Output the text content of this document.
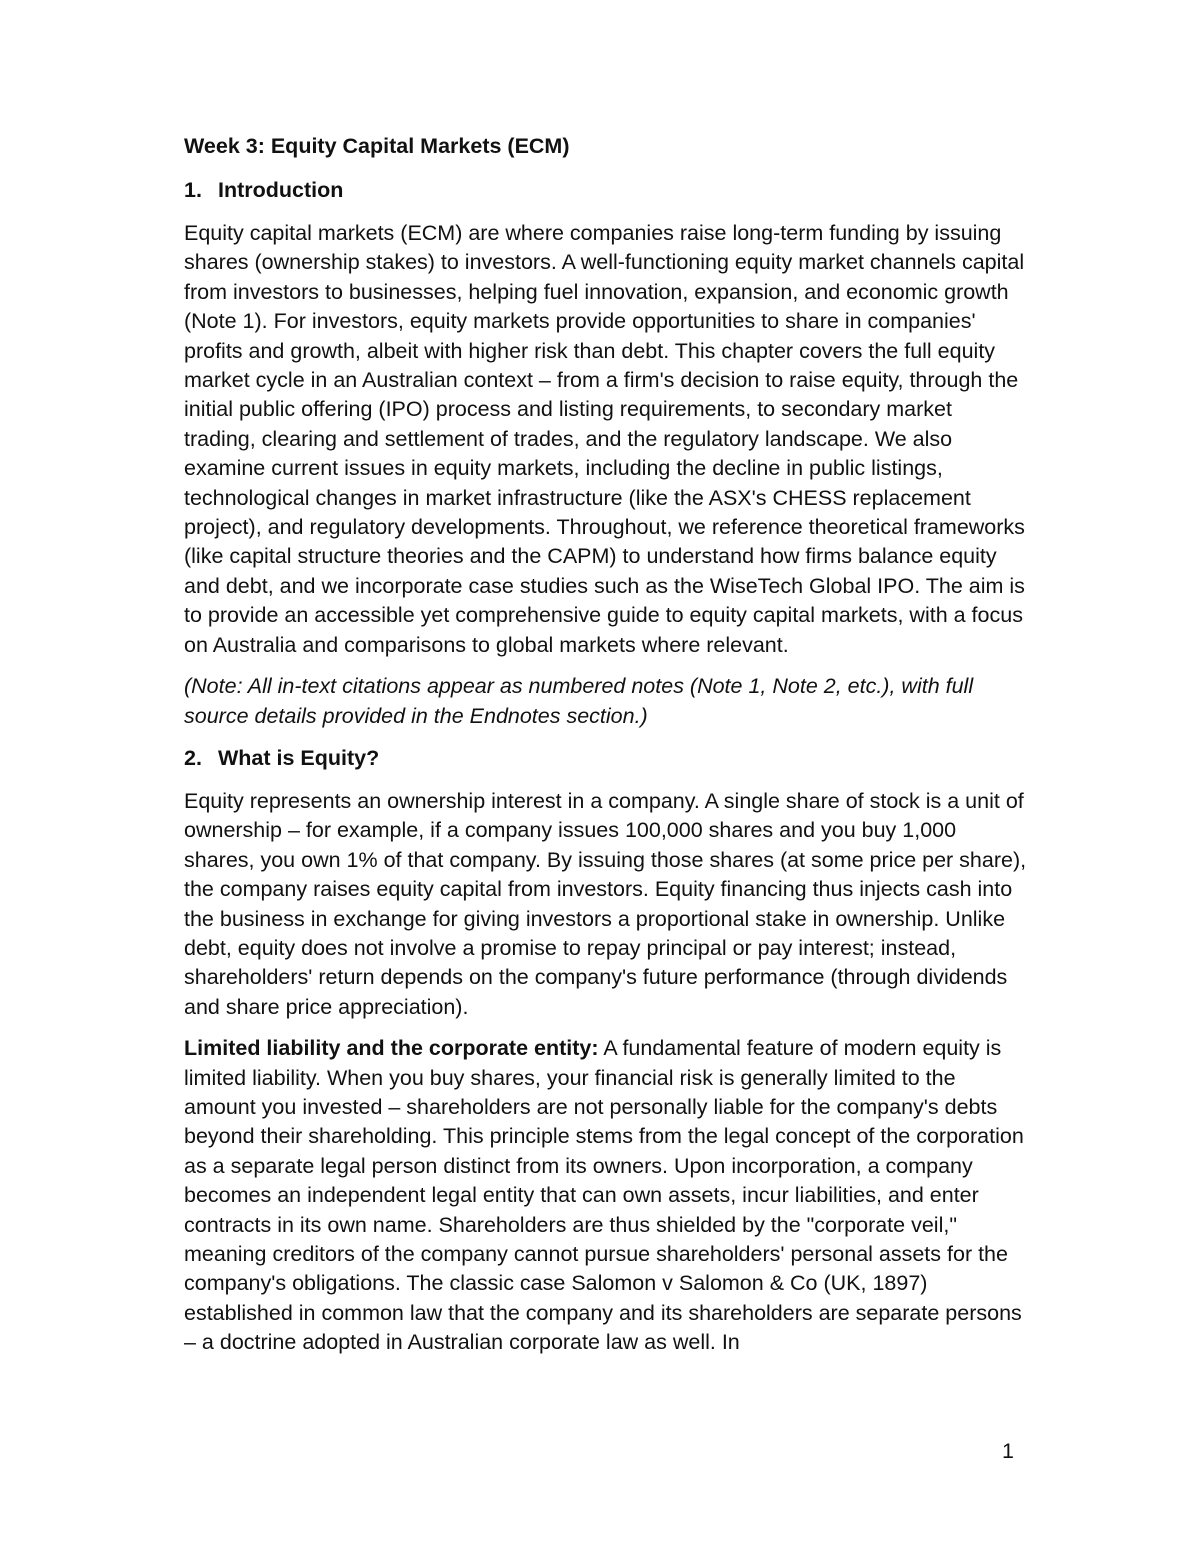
Week 3: Equity Capital Markets (ECM)
1. Introduction

Equity capital markets (ECM) are where companies raise long-term funding by issuing shares (ownership stakes) to investors. A well-functioning equity market channels capital from investors to businesses, helping fuel innovation, expansion, and economic growth (Note 1). For investors, equity markets provide opportunities to share in companies' profits and growth, albeit with higher risk than debt. This chapter covers the full equity market cycle in an Australian context – from a firm's decision to raise equity, through the initial public offering (IPO) process and listing requirements, to secondary market trading, clearing and settlement of trades, and the regulatory landscape. We also examine current issues in equity markets, including the decline in public listings, technological changes in market infrastructure (like the ASX's CHESS replacement project), and regulatory developments. Throughout, we reference theoretical frameworks (like capital structure theories and the CAPM) to understand how firms balance equity and debt, and we incorporate case studies such as the WiseTech Global IPO. The aim is to provide an accessible yet comprehensive guide to equity capital markets, with a focus on Australia and comparisons to global markets where relevant.

(Note: All in-text citations appear as numbered notes (Note 1, Note 2, etc.), with full source details provided in the Endnotes section.)

2. What is Equity?

Equity represents an ownership interest in a company. A single share of stock is a unit of ownership – for example, if a company issues 100,000 shares and you buy 1,000 shares, you own 1% of that company. By issuing those shares (at some price per share), the company raises equity capital from investors. Equity financing thus injects cash into the business in exchange for giving investors a proportional stake in ownership. Unlike debt, equity does not involve a promise to repay principal or pay interest; instead, shareholders' return depends on the company's future performance (through dividends and share price appreciation).

Limited liability and the corporate entity: A fundamental feature of modern equity is limited liability. When you buy shares, your financial risk is generally limited to the amount you invested – shareholders are not personally liable for the company's debts beyond their shareholding. This principle stems from the legal concept of the corporation as a separate legal person distinct from its owners. Upon incorporation, a company becomes an independent legal entity that can own assets, incur liabilities, and enter contracts in its own name. Shareholders are thus shielded by the "corporate veil," meaning creditors of the company cannot pursue shareholders' personal assets for the company's obligations. The classic case Salomon v Salomon & Co (UK, 1897) established in common law that the company and its shareholders are separate persons – a doctrine adopted in Australian corporate law as well. In

1
